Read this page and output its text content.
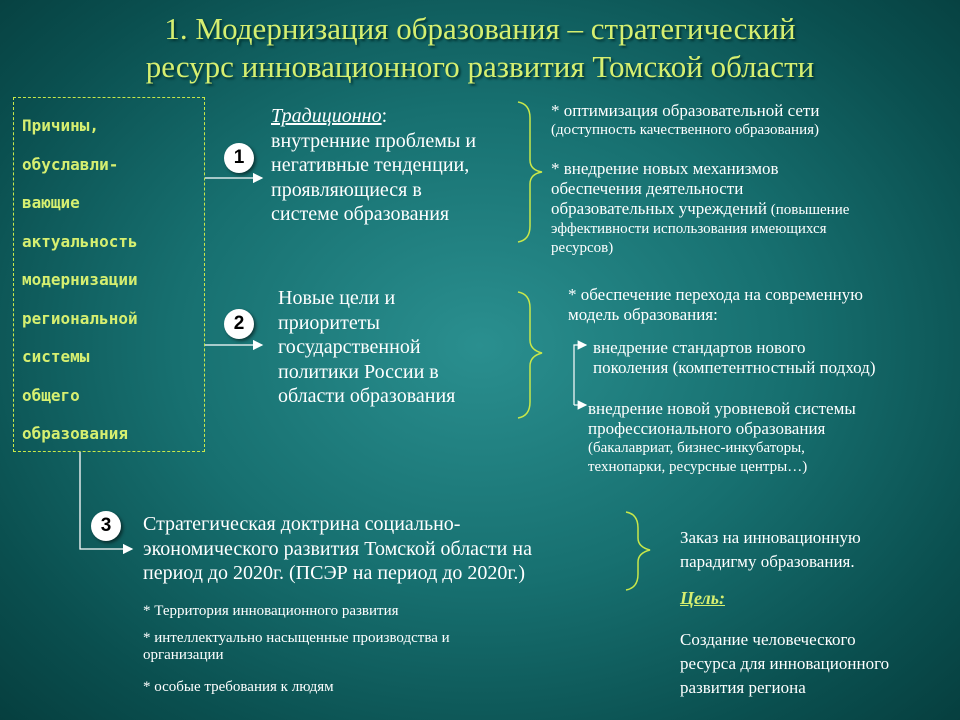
1. Модернизация образования – стратегический
ресурс инновационного развития Томской области
Причины,
обуславли-
вающие
актуальность
модернизации
региональной
системы
общего
образования
1
2
3
Традиционно:
внутренние проблемы и
негативные тенденции,
проявляющиеся в
системе образования
* оптимизация образовательной сети
(доступность качественного образования)
* внедрение новых механизмов
обеспечения деятельности
образовательных учреждений (повышение
эффективности использования имеющихся
ресурсов)
Новые цели и
приоритеты
государственной
политики России в
области образования
* обеспечение перехода на современную
модель образования:
внедрение стандартов нового
поколения (компетентностный подход)
внедрение новой уровневой системы
профессионального образования
(бакалавриат, бизнес-инкубаторы,
технопарки, ресурсные центры…)
Стратегическая доктрина социально-
экономического развития Томской области на
период до 2020г. (ПСЭР на период до 2020г.)
* Территория инновационного развития
* интеллектуально насыщенные производства и
организации
* особые требования к людям
Заказ на инновационную
парадигму образования.
Цель:
Создание человеческого
ресурса для инновационного
развития региона
